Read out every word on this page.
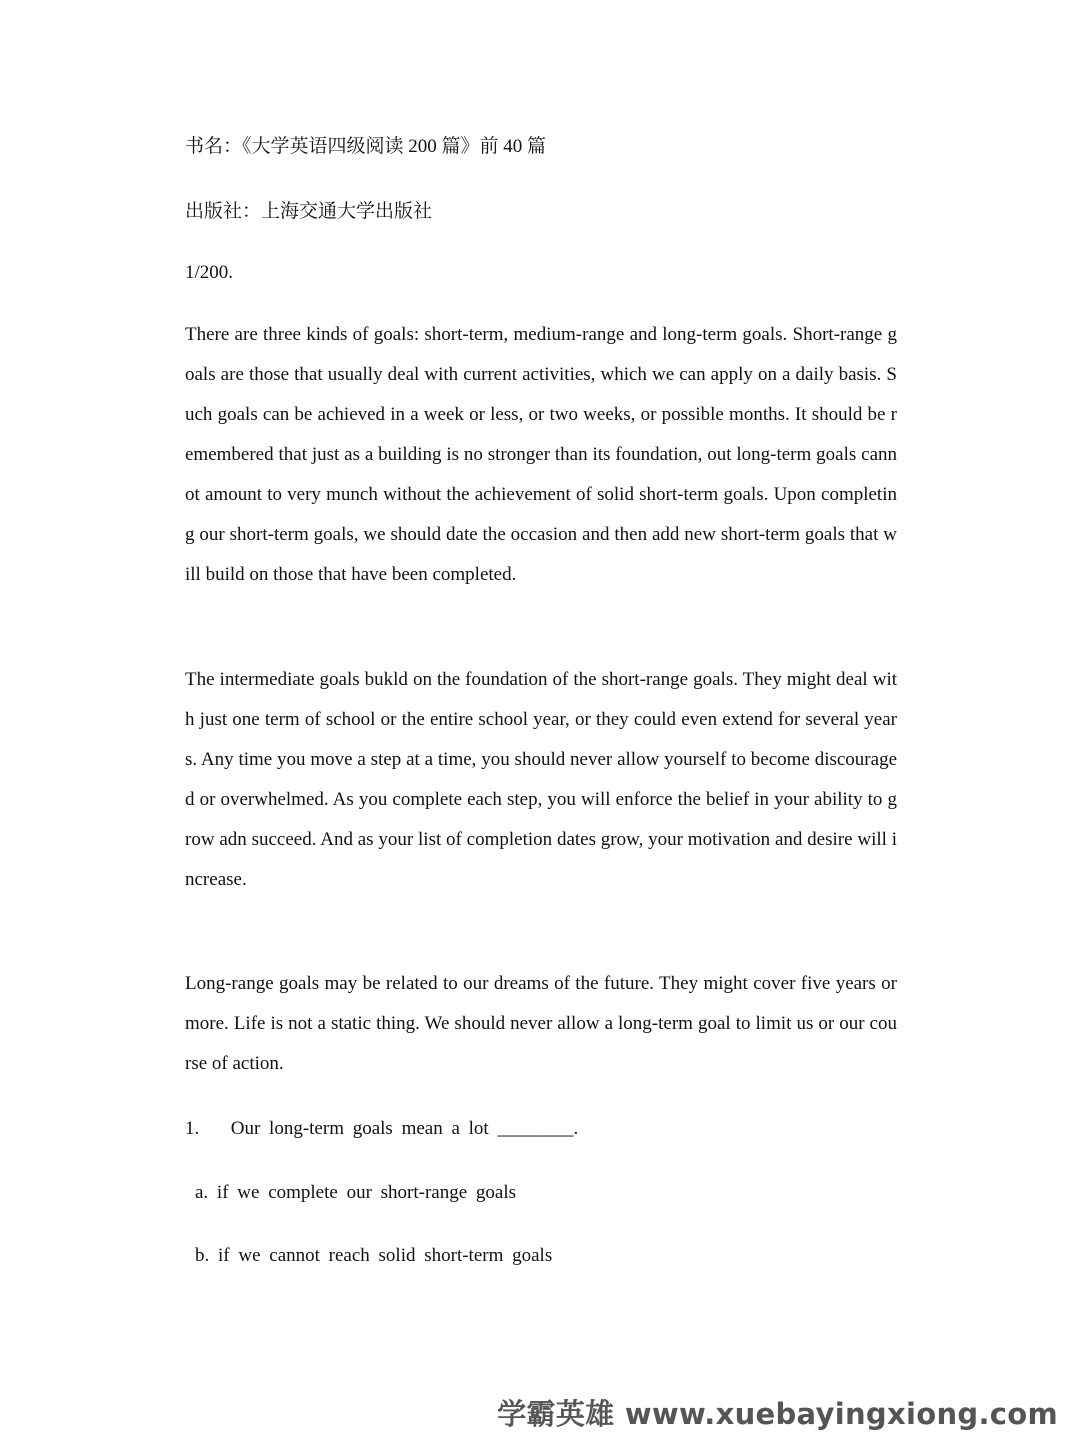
书名：《大学英语四级阅读 200 篇》前 40 篇
出版社：上海交通大学出版社
1/200.

There are three kinds of goals: short-term, medium-range and long-term goals. Short-range goals are those that usually deal with current activities, which we can apply on a daily basis. Such goals can be achieved in a week or less, or two weeks, or possible months. It should be remembered that just as a building is no stronger than its foundation, out long-term goals cannot amount to very munch without the achievement of solid short-term goals. Upon completing our short-term goals, we should date the occasion and then add new short-term goals that will build on those that have been completed.

The intermediate goals bukld on the foundation of the short-range goals. They might deal with just one term of school or the entire school year, or they could even extend for several years. Any time you move a step at a time, you should never allow yourself to become discouraged or overwhelmed. As you complete each step, you will enforce the belief in your ability to grow adn succeed. And as your list of completion dates grow, your motivation and desire will increase.

Long-range goals may be related to our dreams of the future. They might cover five years or more. Life is not a static thing. We should never allow a long-term goal to limit us or our course of action.

1. Our long-term goals mean a lot ________.
a. if we complete our short-range goals
b. if we cannot reach solid short-term goals
学霸英雄 www.xuebayingxiong.com
